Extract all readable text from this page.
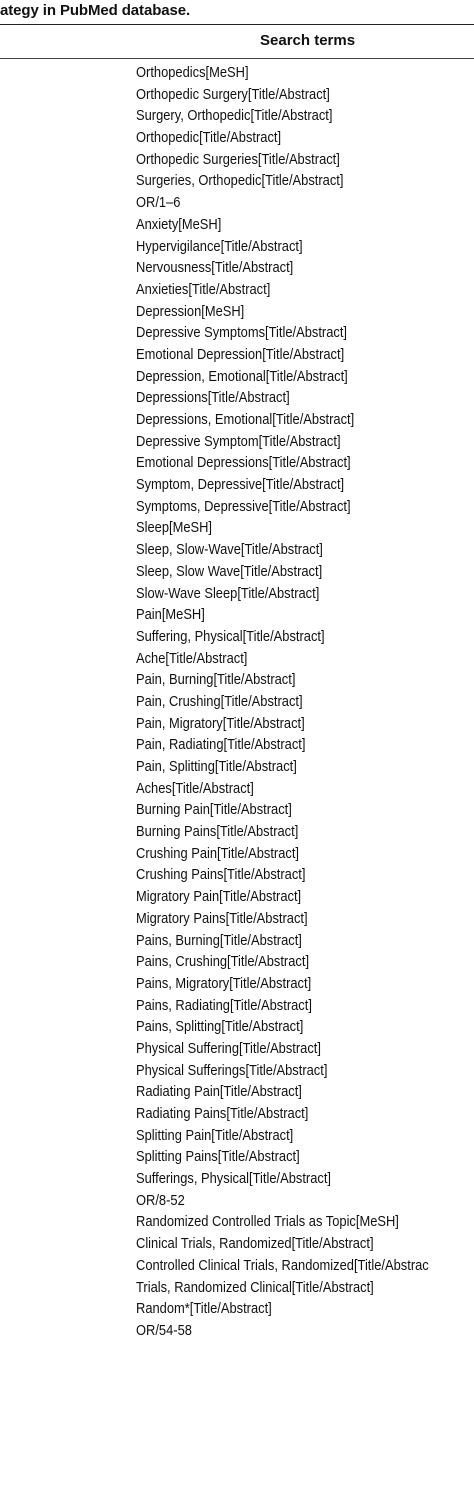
ategy in PubMed database.
Search terms
Orthopedics[MeSH]
Orthopedic Surgery[Title/Abstract]
Surgery, Orthopedic[Title/Abstract]
Orthopedic[Title/Abstract]
Orthopedic Surgeries[Title/Abstract]
Surgeries, Orthopedic[Title/Abstract]
OR/1–6
Anxiety[MeSH]
Hypervigilance[Title/Abstract]
Nervousness[Title/Abstract]
Anxieties[Title/Abstract]
Depression[MeSH]
Depressive Symptoms[Title/Abstract]
Emotional Depression[Title/Abstract]
Depression, Emotional[Title/Abstract]
Depressions[Title/Abstract]
Depressions, Emotional[Title/Abstract]
Depressive Symptom[Title/Abstract]
Emotional Depressions[Title/Abstract]
Symptom, Depressive[Title/Abstract]
Symptoms, Depressive[Title/Abstract]
Sleep[MeSH]
Sleep, Slow-Wave[Title/Abstract]
Sleep, Slow Wave[Title/Abstract]
Slow-Wave Sleep[Title/Abstract]
Pain[MeSH]
Suffering, Physical[Title/Abstract]
Ache[Title/Abstract]
Pain, Burning[Title/Abstract]
Pain, Crushing[Title/Abstract]
Pain, Migratory[Title/Abstract]
Pain, Radiating[Title/Abstract]
Pain, Splitting[Title/Abstract]
Aches[Title/Abstract]
Burning Pain[Title/Abstract]
Burning Pains[Title/Abstract]
Crushing Pain[Title/Abstract]
Crushing Pains[Title/Abstract]
Migratory Pain[Title/Abstract]
Migratory Pains[Title/Abstract]
Pains, Burning[Title/Abstract]
Pains, Crushing[Title/Abstract]
Pains, Migratory[Title/Abstract]
Pains, Radiating[Title/Abstract]
Pains, Splitting[Title/Abstract]
Physical Suffering[Title/Abstract]
Physical Sufferings[Title/Abstract]
Radiating Pain[Title/Abstract]
Radiating Pains[Title/Abstract]
Splitting Pain[Title/Abstract]
Splitting Pains[Title/Abstract]
Sufferings, Physical[Title/Abstract]
OR/8-52
Randomized Controlled Trials as Topic[MeSH]
Clinical Trials, Randomized[Title/Abstract]
Controlled Clinical Trials, Randomized[Title/Abstrac
Trials, Randomized Clinical[Title/Abstract]
Random*[Title/Abstract]
OR/54-58
